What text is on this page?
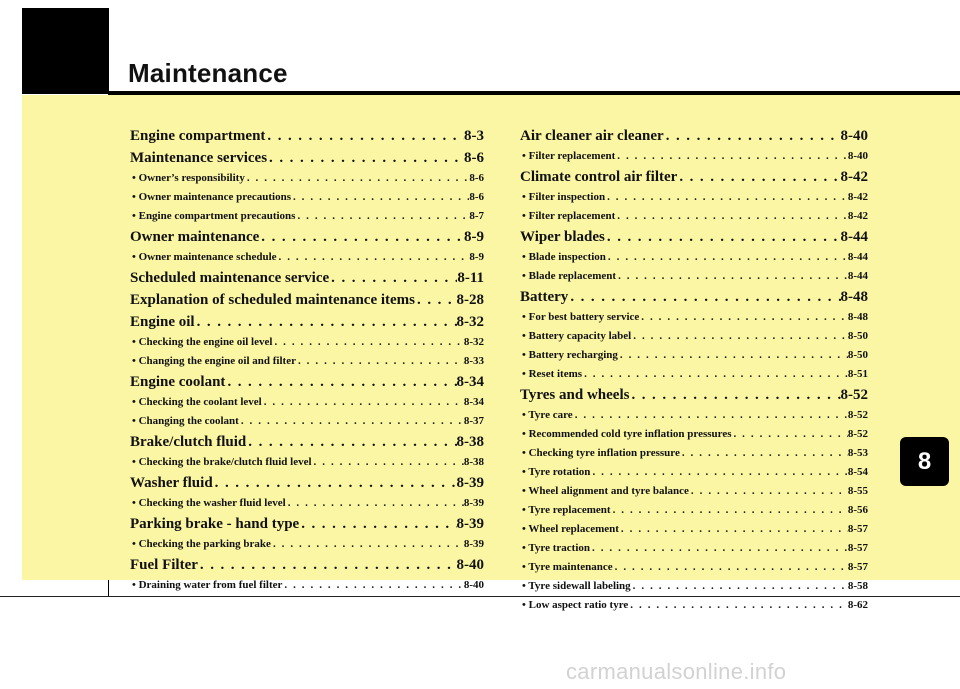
Maintenance
Engine compartment . . .	8-3
Maintenance services . . .	8-6
• Owner’s responsibility . . .	8-6
• Owner maintenance precautions . . .	8-6
• Engine compartment precautions . . .	8-7
Owner maintenance . . .	8-9
• Owner maintenance schedule . . .	8-9
Scheduled maintenance service . . .	8-11
Explanation of scheduled maintenance items . . .	8-28
Engine oil . . .	8-32
• Checking the engine oil level . . .	8-32
• Changing the engine oil and filter . . .	8-33
Engine coolant . . .	8-34
• Checking the coolant level . . .	8-34
• Changing the coolant . . .	8-37
Brake/clutch fluid . . .	8-38
• Checking the brake/clutch fluid level . . .	8-38
Washer fluid . . .	8-39
• Checking the washer fluid level . . .	8-39
Parking brake - hand type . . .	8-39
• Checking the parking brake . . .	8-39
Fuel Filter . . .	8-40
• Draining water from fuel filter . . .	8-40
Air cleaner air cleaner . . .	8-40
• Filter replacement . . .	8-40
Climate control air filter . . .	8-42
• Filter inspection . . .	8-42
• Filter replacement . . .	8-42
Wiper blades . . .	8-44
• Blade inspection . . .	8-44
• Blade replacement . . .	8-44
Battery . . .	8-48
• For best battery service . . .	8-48
• Battery capacity label . . .	8-50
• Battery recharging . . .	8-50
• Reset items . . .	8-51
Tyres and wheels . . .	8-52
• Tyre care . . .	8-52
• Recommended cold tyre inflation pressures . . .	8-52
• Checking tyre inflation pressure . . .	8-53
• Tyre rotation . . .	8-54
• Wheel alignment and tyre balance . . .	8-55
• Tyre replacement . . .	8-56
• Wheel replacement . . .	8-57
• Tyre traction . . .	8-57
• Tyre maintenance . . .	8-57
• Tyre sidewall labeling . . .	8-58
• Low aspect ratio tyre . . .	8-62
8
carmanualsonline.info
